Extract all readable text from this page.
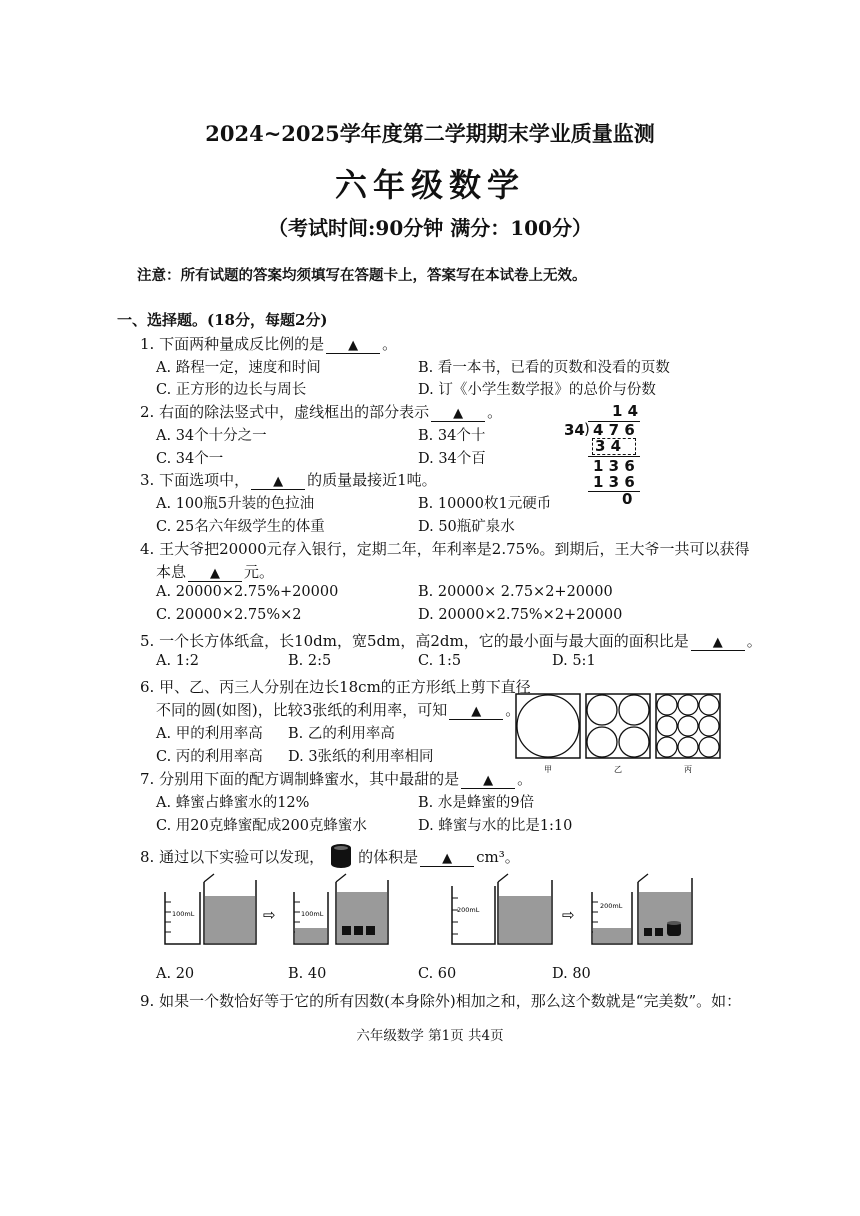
2024~2025学年度第二学期期末学业质量监测
六年级数学
（考试时间:90分钟 满分：100分）
注意：所有试题的答案均须填写在答题卡上，答案写在本试卷上无效。
一、选择题。(18分，每题2分)
1. 下面两种量成反比例的是 ▲ 。
A. 路程一定，速度和时间	B. 看一本书，已看的页数和没看的页数
C. 正方形的边长与周长	D. 订《小学生数学报》的总价与份数
2. 右面的除法竖式中，虚线框出的部分表示 ▲ 。
A. 34个十分之一	B. 34个十
C. 34个一	D. 34个百
1 4
34 ) 4 7 6
3 4
1 3 6
1 3 6
0
3. 下面选项中， ▲ 的质量最接近1吨。
A. 100瓶5升装的色拉油	B. 10000枚1元硬币
C. 25名六年级学生的体重	D. 50瓶矿泉水
4. 王大爷把20000元存入银行，定期二年，年利率是2.75%。到期后，王大爷一共可以获得
本息 ▲ 元。
A. 20000×2.75%+20000	B. 20000× 2.75×2+20000
C. 20000×2.75%×2	D. 20000×2.75%×2+20000
5. 一个长方体纸盒，长10dm，宽5dm，高2dm，它的最小面与最大面的面积比是 ▲ 。
A. 1:2	B. 2:5	C. 1:5	D. 5:1
6. 甲、乙、丙三人分别在边长18cm的正方形纸上剪下直径
不同的圆(如图)，比较3张纸的利用率，可知 ▲ 。
A. 甲的利用率高 B. 乙的利用率高
C. 丙的利用率高 D. 3张纸的利用率相同
甲	乙	丙
7. 分别用下面的配方调制蜂蜜水，其中最甜的是 ▲ 。
A. 蜂蜜占蜂蜜水的12%	B. 水是蜂蜜的9倍
C. 用20克蜂蜜配成200克蜂蜜水	D. 蜂蜜与水的比是1:10
8. 通过以下实验可以发现， 的体积是 ▲ cm³。
100mL	⇨	100mL	200mL	⇨	200mL
A. 20	B. 40	C. 60	D. 80
9. 如果一个数恰好等于它的所有因数(本身除外)相加之和，那么这个数就是“完美数”。如：
六年级数学 第1页 共4页
